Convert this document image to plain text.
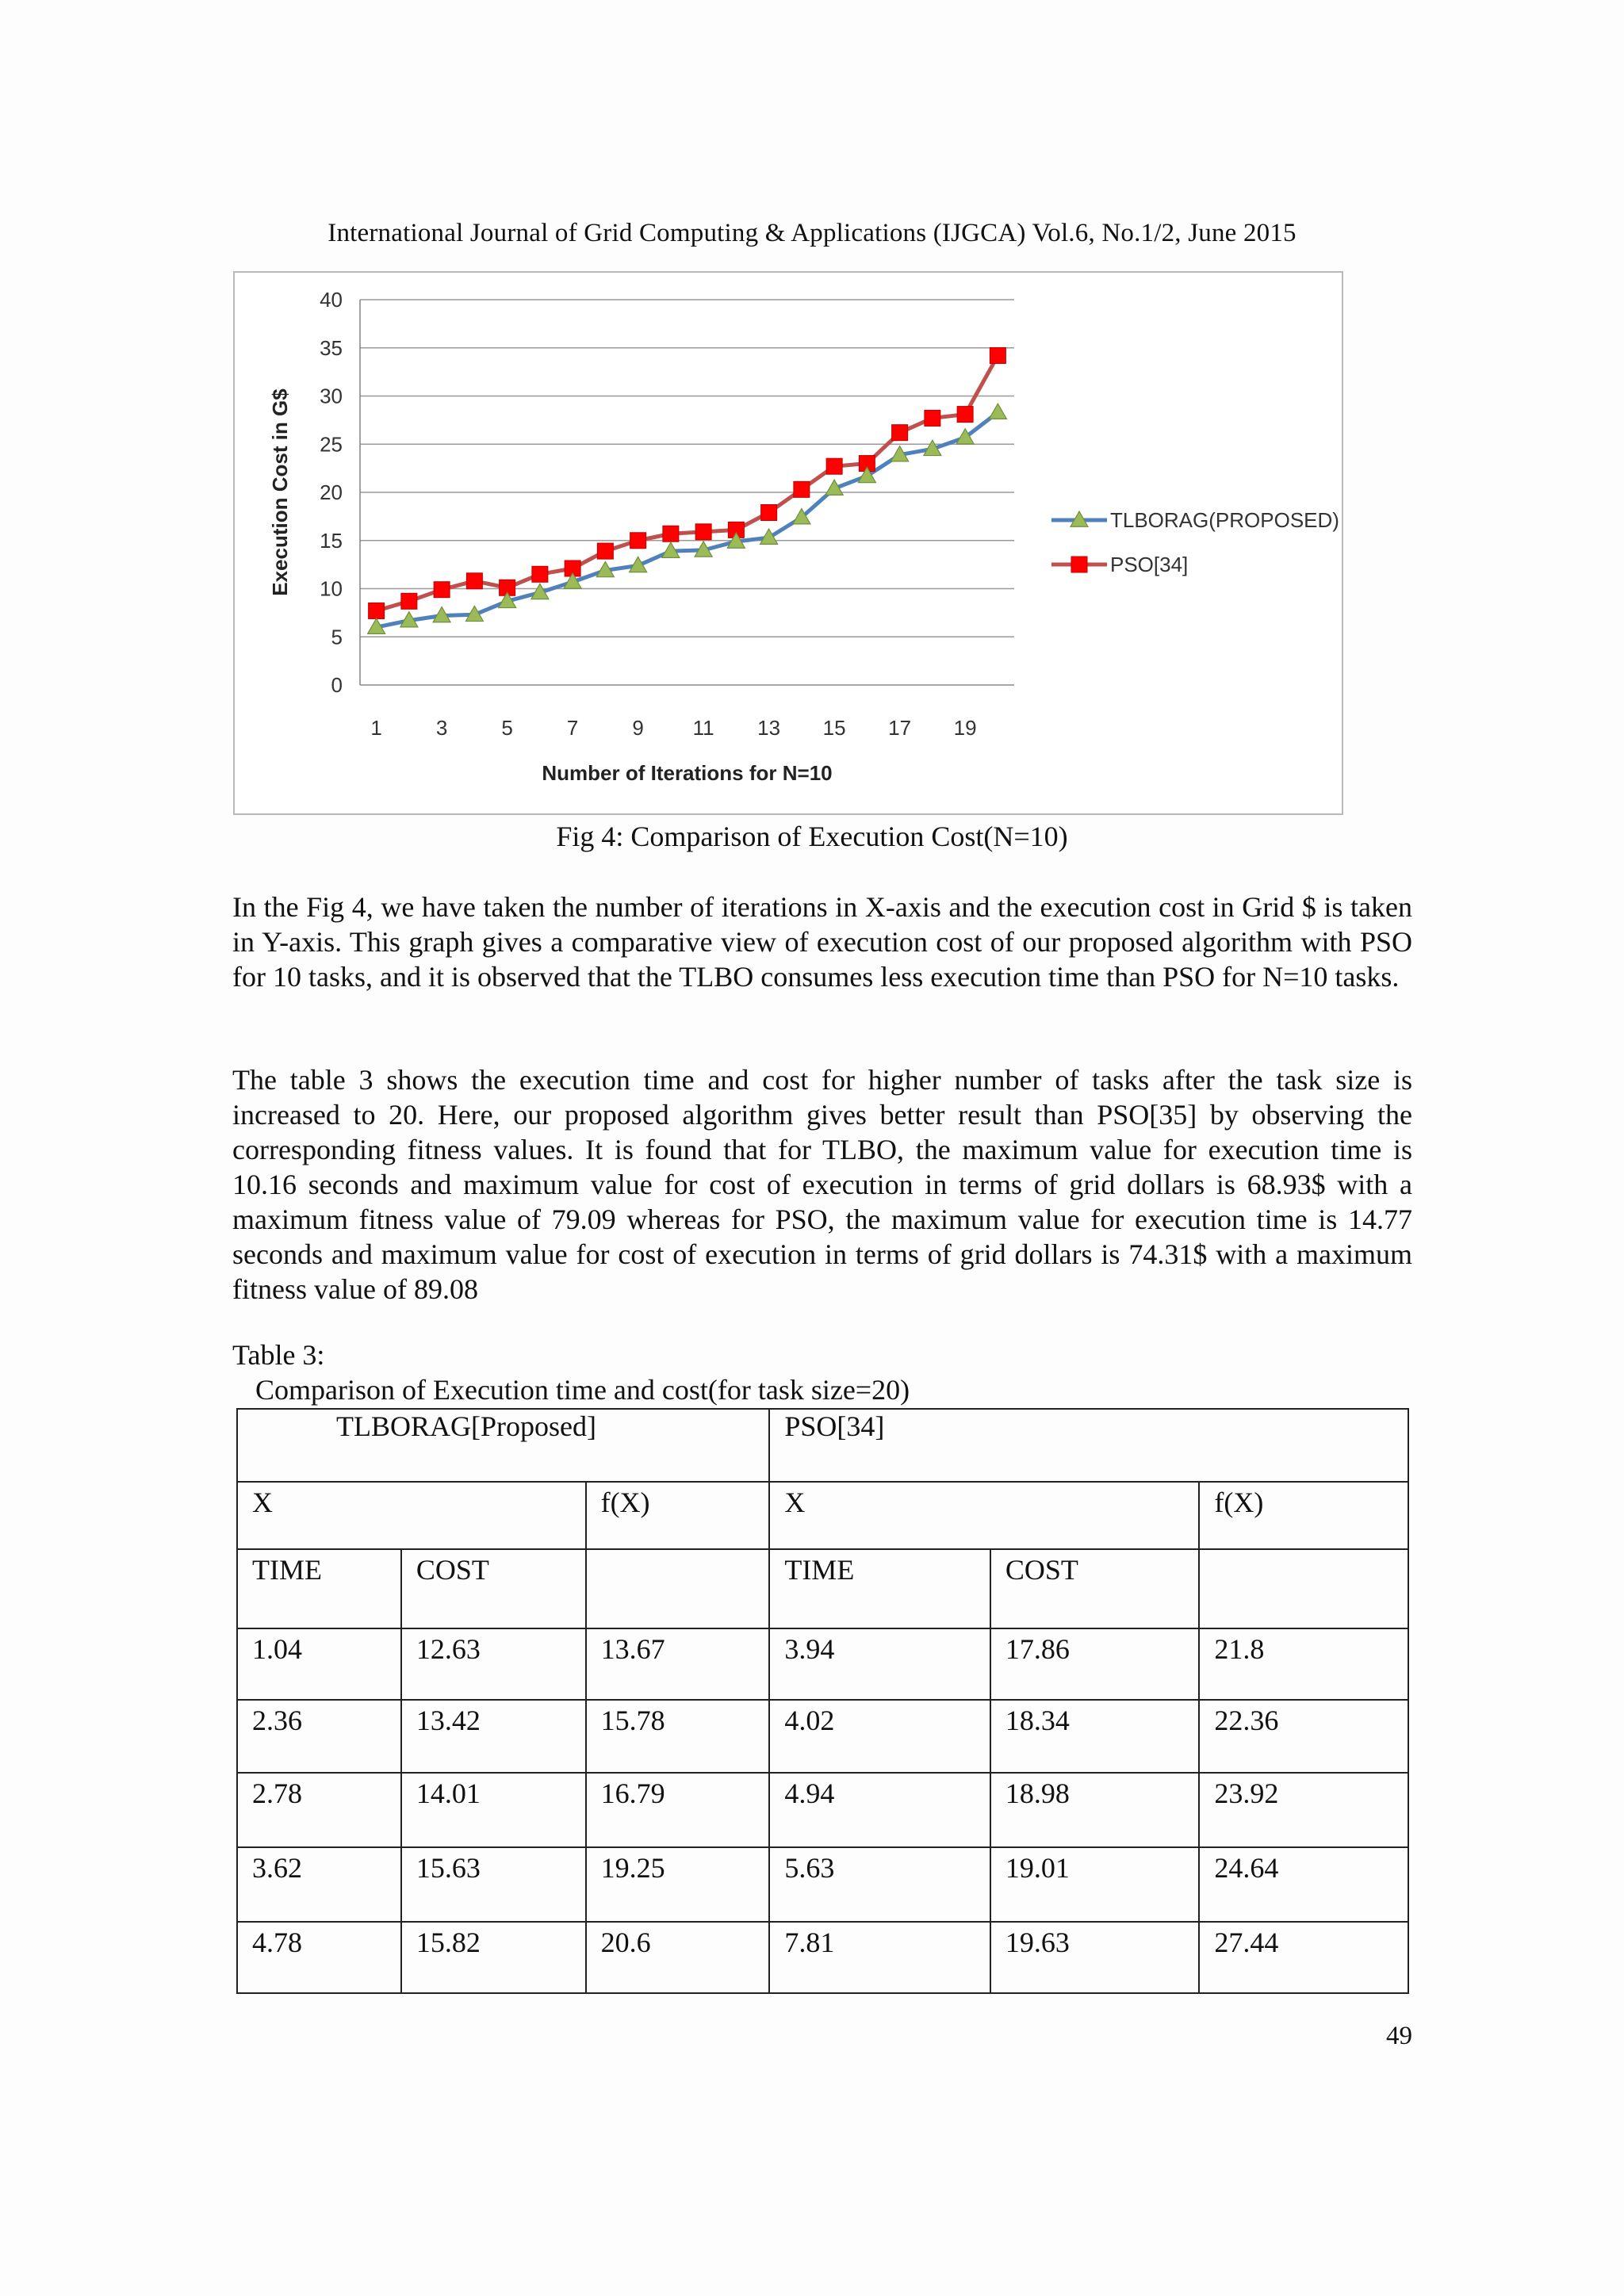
International Journal of Grid Computing & Applications (IJGCA) Vol.6, No.1/2, June 2015
0
5
10
15
20
25
30
35
40
1	3	5	7	9 11 13 15 17 19
Number of Iterations for N=10
Execution Cost in G$	TLBORAG(PROPOSED)
PSO[34]
Fig 4: Comparison of Execution Cost(N=10)

In the Fig 4, we have taken the number of iterations in X-axis and the execution cost in Grid $ is taken in Y-axis. This graph gives a comparative view of execution cost of our proposed algorithm with PSO for 10 tasks, and it is observed that the TLBO consumes less execution time than PSO for N=10 tasks.

The table 3 shows the execution time and cost for higher number of tasks after the task size is increased to 20. Here, our proposed algorithm gives better result than PSO[35] by observing the corresponding fitness values. It is found that for TLBO, the maximum value for execution time is 10.16 seconds and maximum value for cost of execution in terms of grid dollars is 68.93$ with a maximum fitness value of 79.09 whereas for PSO, the maximum value for execution time is 14.77 seconds and maximum value for cost of execution in terms of grid dollars is 74.31$ with a maximum fitness value of 89.08

Table 3:
Comparison of Execution time and cost(for task size=20)
TLBORAG[Proposed]			PSO[34]		
X		f(X)	X		f(X)
TIME	COST		TIME	COST	
1.04	12.63	13.67	3.94	17.86	21.8
2.36	13.42	15.78	4.02	18.34	22.36
2.78	14.01	16.79	4.94	18.98	23.92
3.62	15.63	19.25	5.63	19.01	24.64
4.78	15.82	20.6	7.81	19.63	27.44
49
